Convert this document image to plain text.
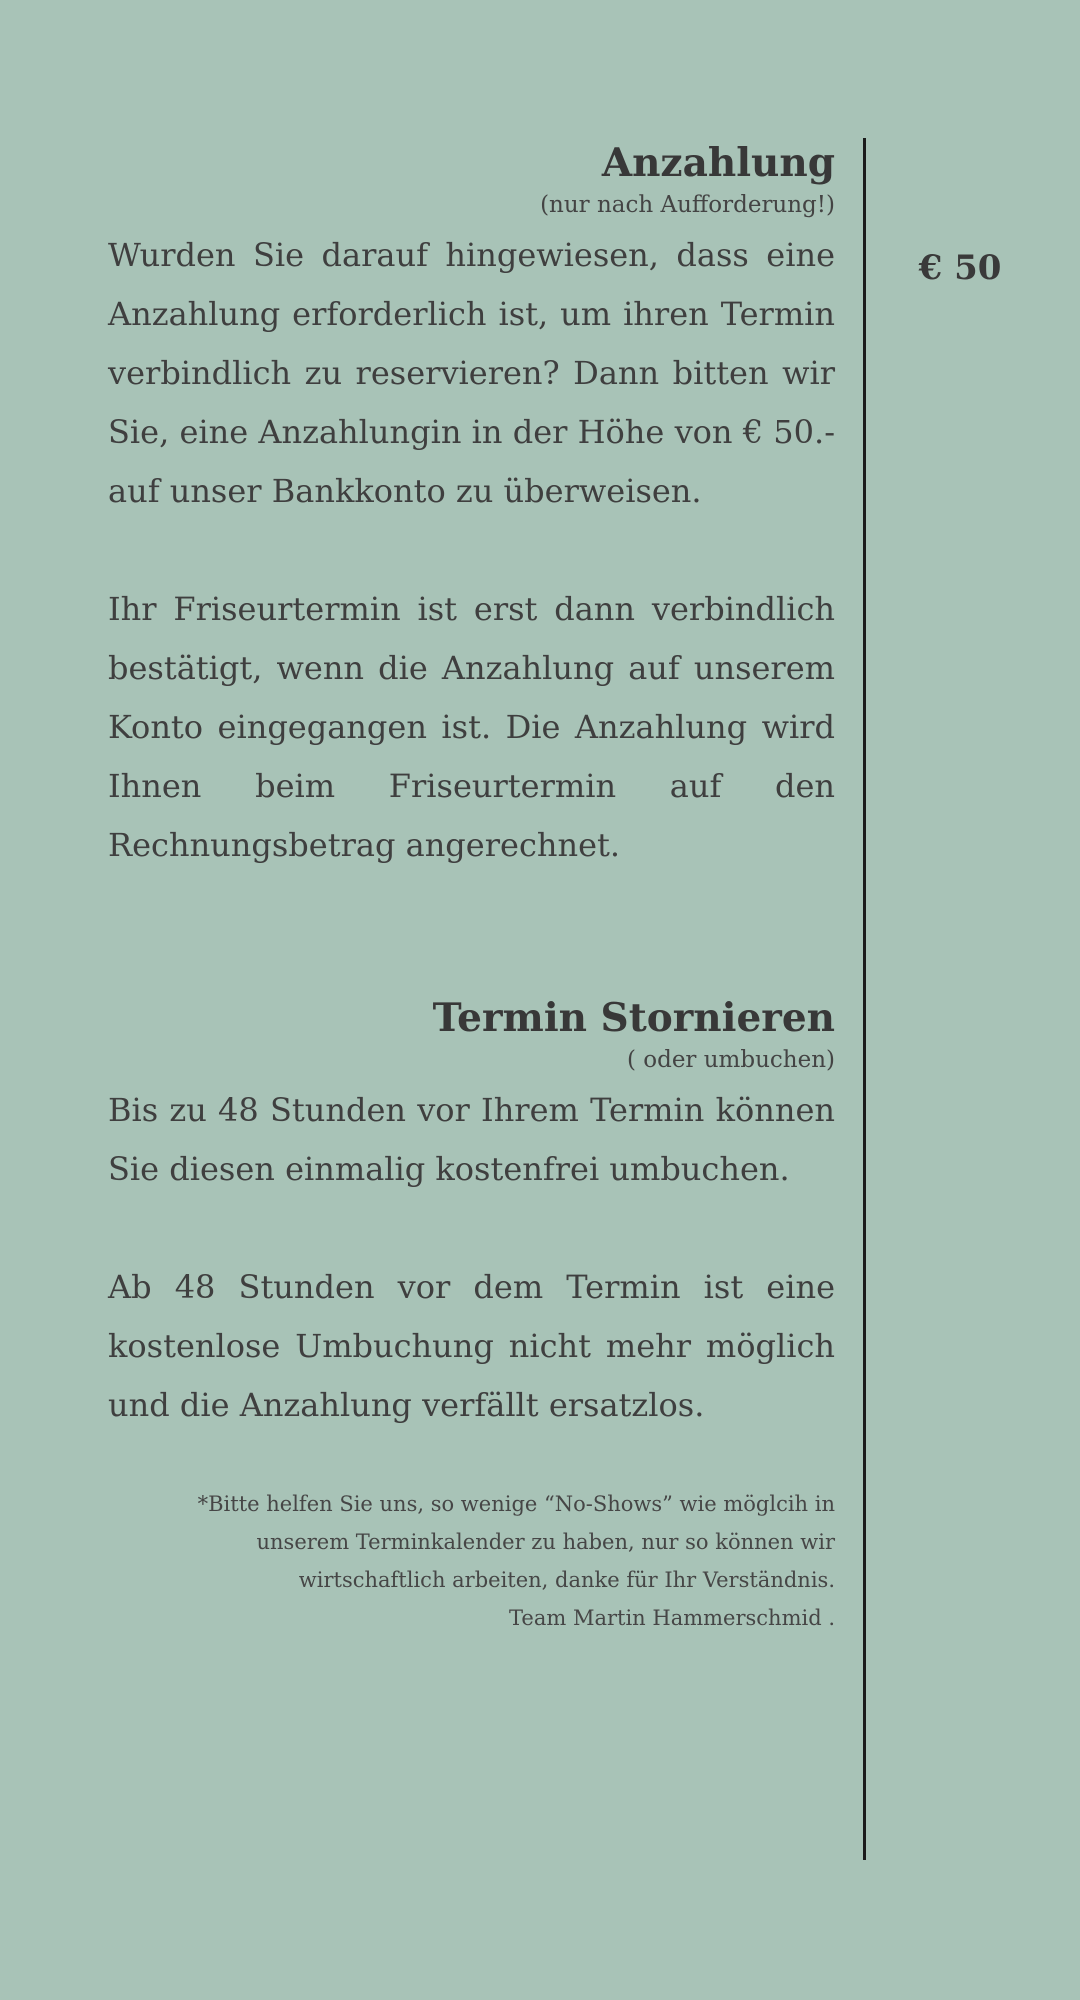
€ 50
Anzahlung

(nur nach Aufforderung!)

Wurden Sie darauf hingewiesen, dass eine Anzahlung erforderlich ist, um ihren Termin verbindlich zu reservieren? Dann bitten wir Sie, eine Anzahlungin in der Höhe von € 50.- auf unser Bankkonto zu überweisen.

Ihr Friseurtermin ist erst dann verbindlich bestätigt, wenn die Anzahlung auf unserem Konto eingegangen ist. Die Anzahlung wird Ihnen beim Friseurtermin auf den Rechnungsbetrag angerechnet.

Termin Stornieren

( oder umbuchen)

Bis zu 48 Stunden vor Ihrem Termin können Sie diesen einmalig kostenfrei umbuchen.

Ab 48 Stunden vor dem Termin ist eine kostenlose Umbuchung nicht mehr möglich und die Anzahlung verfällt ersatzlos.

*Bitte helfen Sie uns, so wenige “No-Shows” wie möglcih in
unserem Terminkalender zu haben, nur so können wir
wirtschaftlich arbeiten, danke für Ihr Verständnis.
Team Martin Hammerschmid .
